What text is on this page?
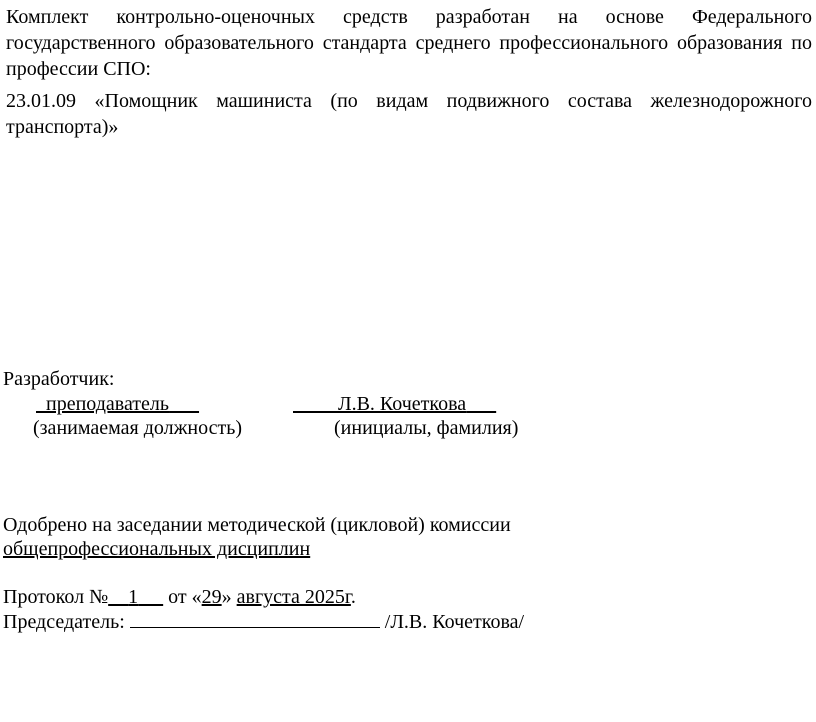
Комплект контрольно-оценочных средств разработан на основе Федерального государственного образовательного стандарта среднего профессионального образования по профессии СПО:

23.01.09 «Помощник машиниста (по видам подвижного состава железнодорожного транспорта)»

Разработчик:
преподаватель	Л.В. Кочеткова
(занимаемая должность)	(инициалы, фамилия)
Одобрено на заседании методической (цикловой) комиссии
общепрофессиональных дисциплин
Протокол № 1 от «29» августа 2025г.
Председатель:	/Л.В. Кочеткова/
